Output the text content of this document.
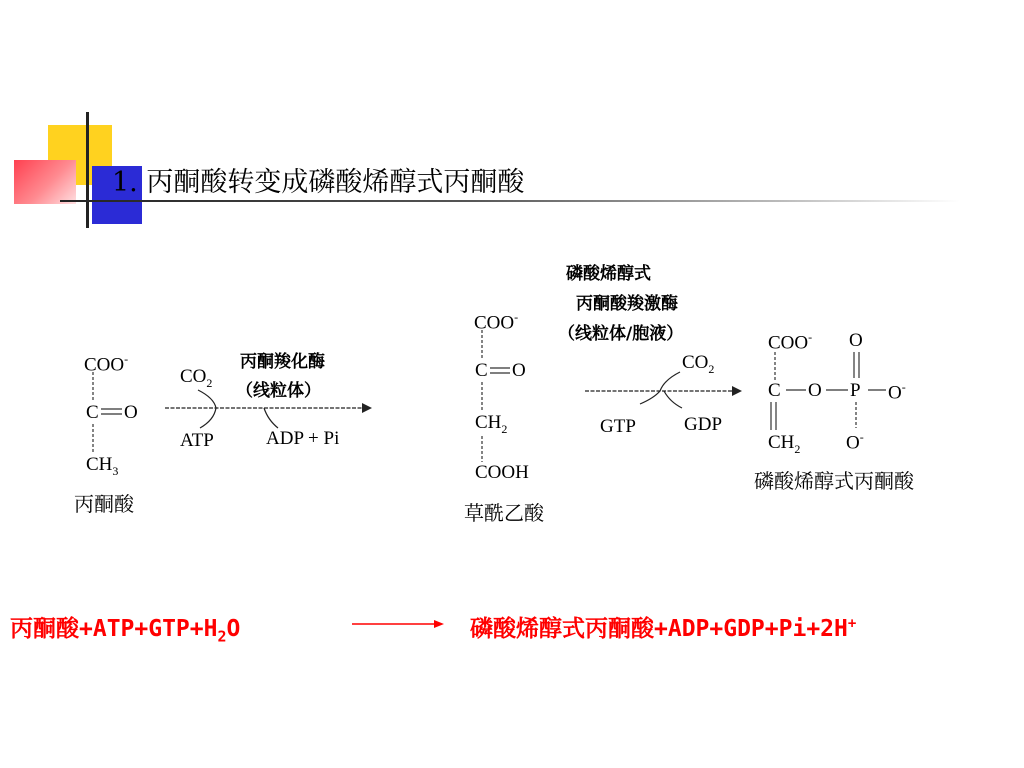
1. 丙酮酸转变成磷酸烯醇式丙酮酸
COO-
C O
$CH_3$
丙酮酸
丙酮羧化酶
（线粒体）
$CO_2$
ATP	ADP + Pi
磷酸烯醇式
丙酮酸羧激酶
（线粒体/胞液）
COO-
C O
$CH_2$
COOH
草酰乙酸
$CO_2$
GTP	GDP
COO-
C O P
O
O-
O-
$CH_2$
磷酸烯醇式丙酮酸
丙酮酸$+ATP+GTP+H_2O$	磷酸烯醇式丙酮酸+ADP+GDP+Pi+2H+
